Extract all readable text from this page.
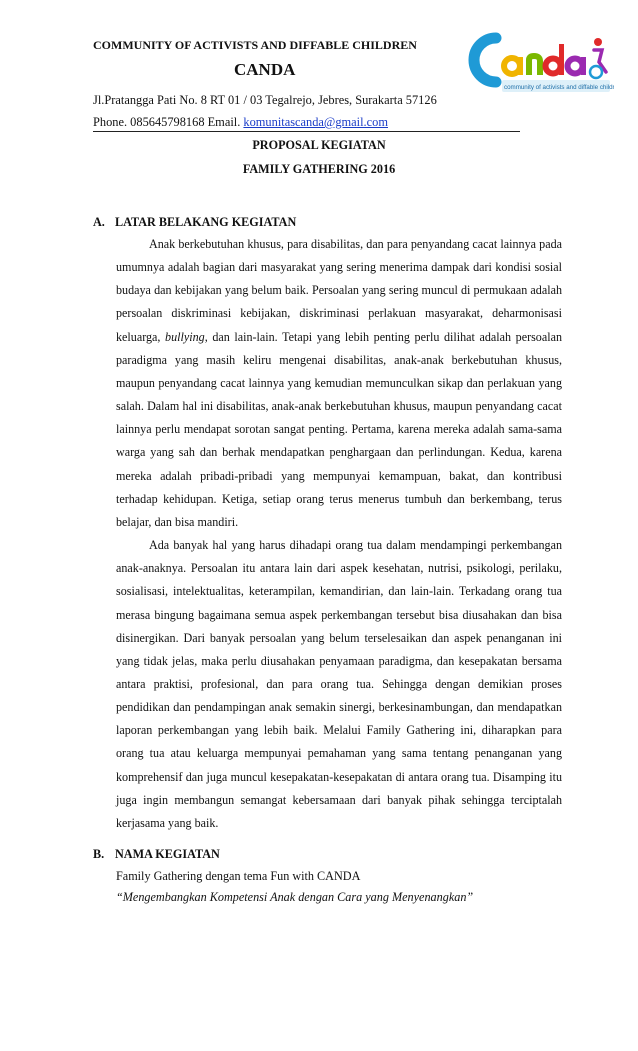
COMMUNITY OF ACTIVISTS AND DIFFABLE CHILDREN
CANDA
Jl.Pratangga Pati No. 8 RT 01 / 03 Tegalrejo, Jebres, Surakarta 57126
Phone. 085645798168 Email. komunitascanda@gmail.com
community of activists and diffable children
PROPOSAL KEGIATAN
FAMILY GATHERING 2016
A. LATAR BELAKANG KEGIATAN

Anak berkebutuhan khusus, para disabilitas, dan para penyandang cacat lainnya pada umumnya adalah bagian dari masyarakat yang sering menerima dampak dari kondisi sosial budaya dan kebijakan yang belum baik. Persoalan yang sering muncul di permukaan adalah persoalan diskriminasi kebijakan, diskriminasi perlakuan masyarakat, deharmonisasi keluarga, bullying, dan lain-lain. Tetapi yang lebih penting perlu dilihat adalah persoalan paradigma yang masih keliru mengenai disabilitas, anak-anak berkebutuhan khusus, maupun penyandang cacat lainnya yang kemudian memunculkan sikap dan perlakuan yang salah. Dalam hal ini disabilitas, anak-anak berkebutuhan khusus, maupun penyandang cacat lainnya perlu mendapat sorotan sangat penting. Pertama, karena mereka adalah sama-sama warga yang sah dan berhak mendapatkan penghargaan dan perlindungan. Kedua, karena mereka adalah pribadi-pribadi yang mempunyai kemampuan, bakat, dan kontribusi terhadap kehidupan. Ketiga, setiap orang terus menerus tumbuh dan berkembang, terus belajar, dan bisa mandiri.

Ada banyak hal yang harus dihadapi orang tua dalam mendampingi perkembangan anak-anaknya. Persoalan itu antara lain dari aspek kesehatan, nutrisi, psikologi, perilaku, sosialisasi, intelektualitas, keterampilan, kemandirian, dan lain-lain. Terkadang orang tua merasa bingung bagaimana semua aspek perkembangan tersebut bisa diusahakan dan bisa disinergikan. Dari banyak persoalan yang belum terselesaikan dan aspek penanganan ini yang tidak jelas, maka perlu diusahakan penyamaan paradigma, dan kesepakatan bersama antara praktisi, profesional, dan para orang tua. Sehingga dengan demikian proses pendidikan dan pendampingan anak semakin sinergi, berkesinambungan, dan mendapatkan laporan perkembangan yang lebih baik. Melalui Family Gathering ini, diharapkan para orang tua atau keluarga mempunyai pemahaman yang sama tentang penanganan yang komprehensif dan juga muncul kesepakatan-kesepakatan di antara orang tua. Disamping itu juga ingin membangun semangat kebersamaan dari banyak pihak sehingga terciptalah kerjasama yang baik.

B. NAMA KEGIATAN
Family Gathering dengan tema Fun with CANDA
“Mengembangkan Kompetensi Anak dengan Cara yang Menyenangkan”
